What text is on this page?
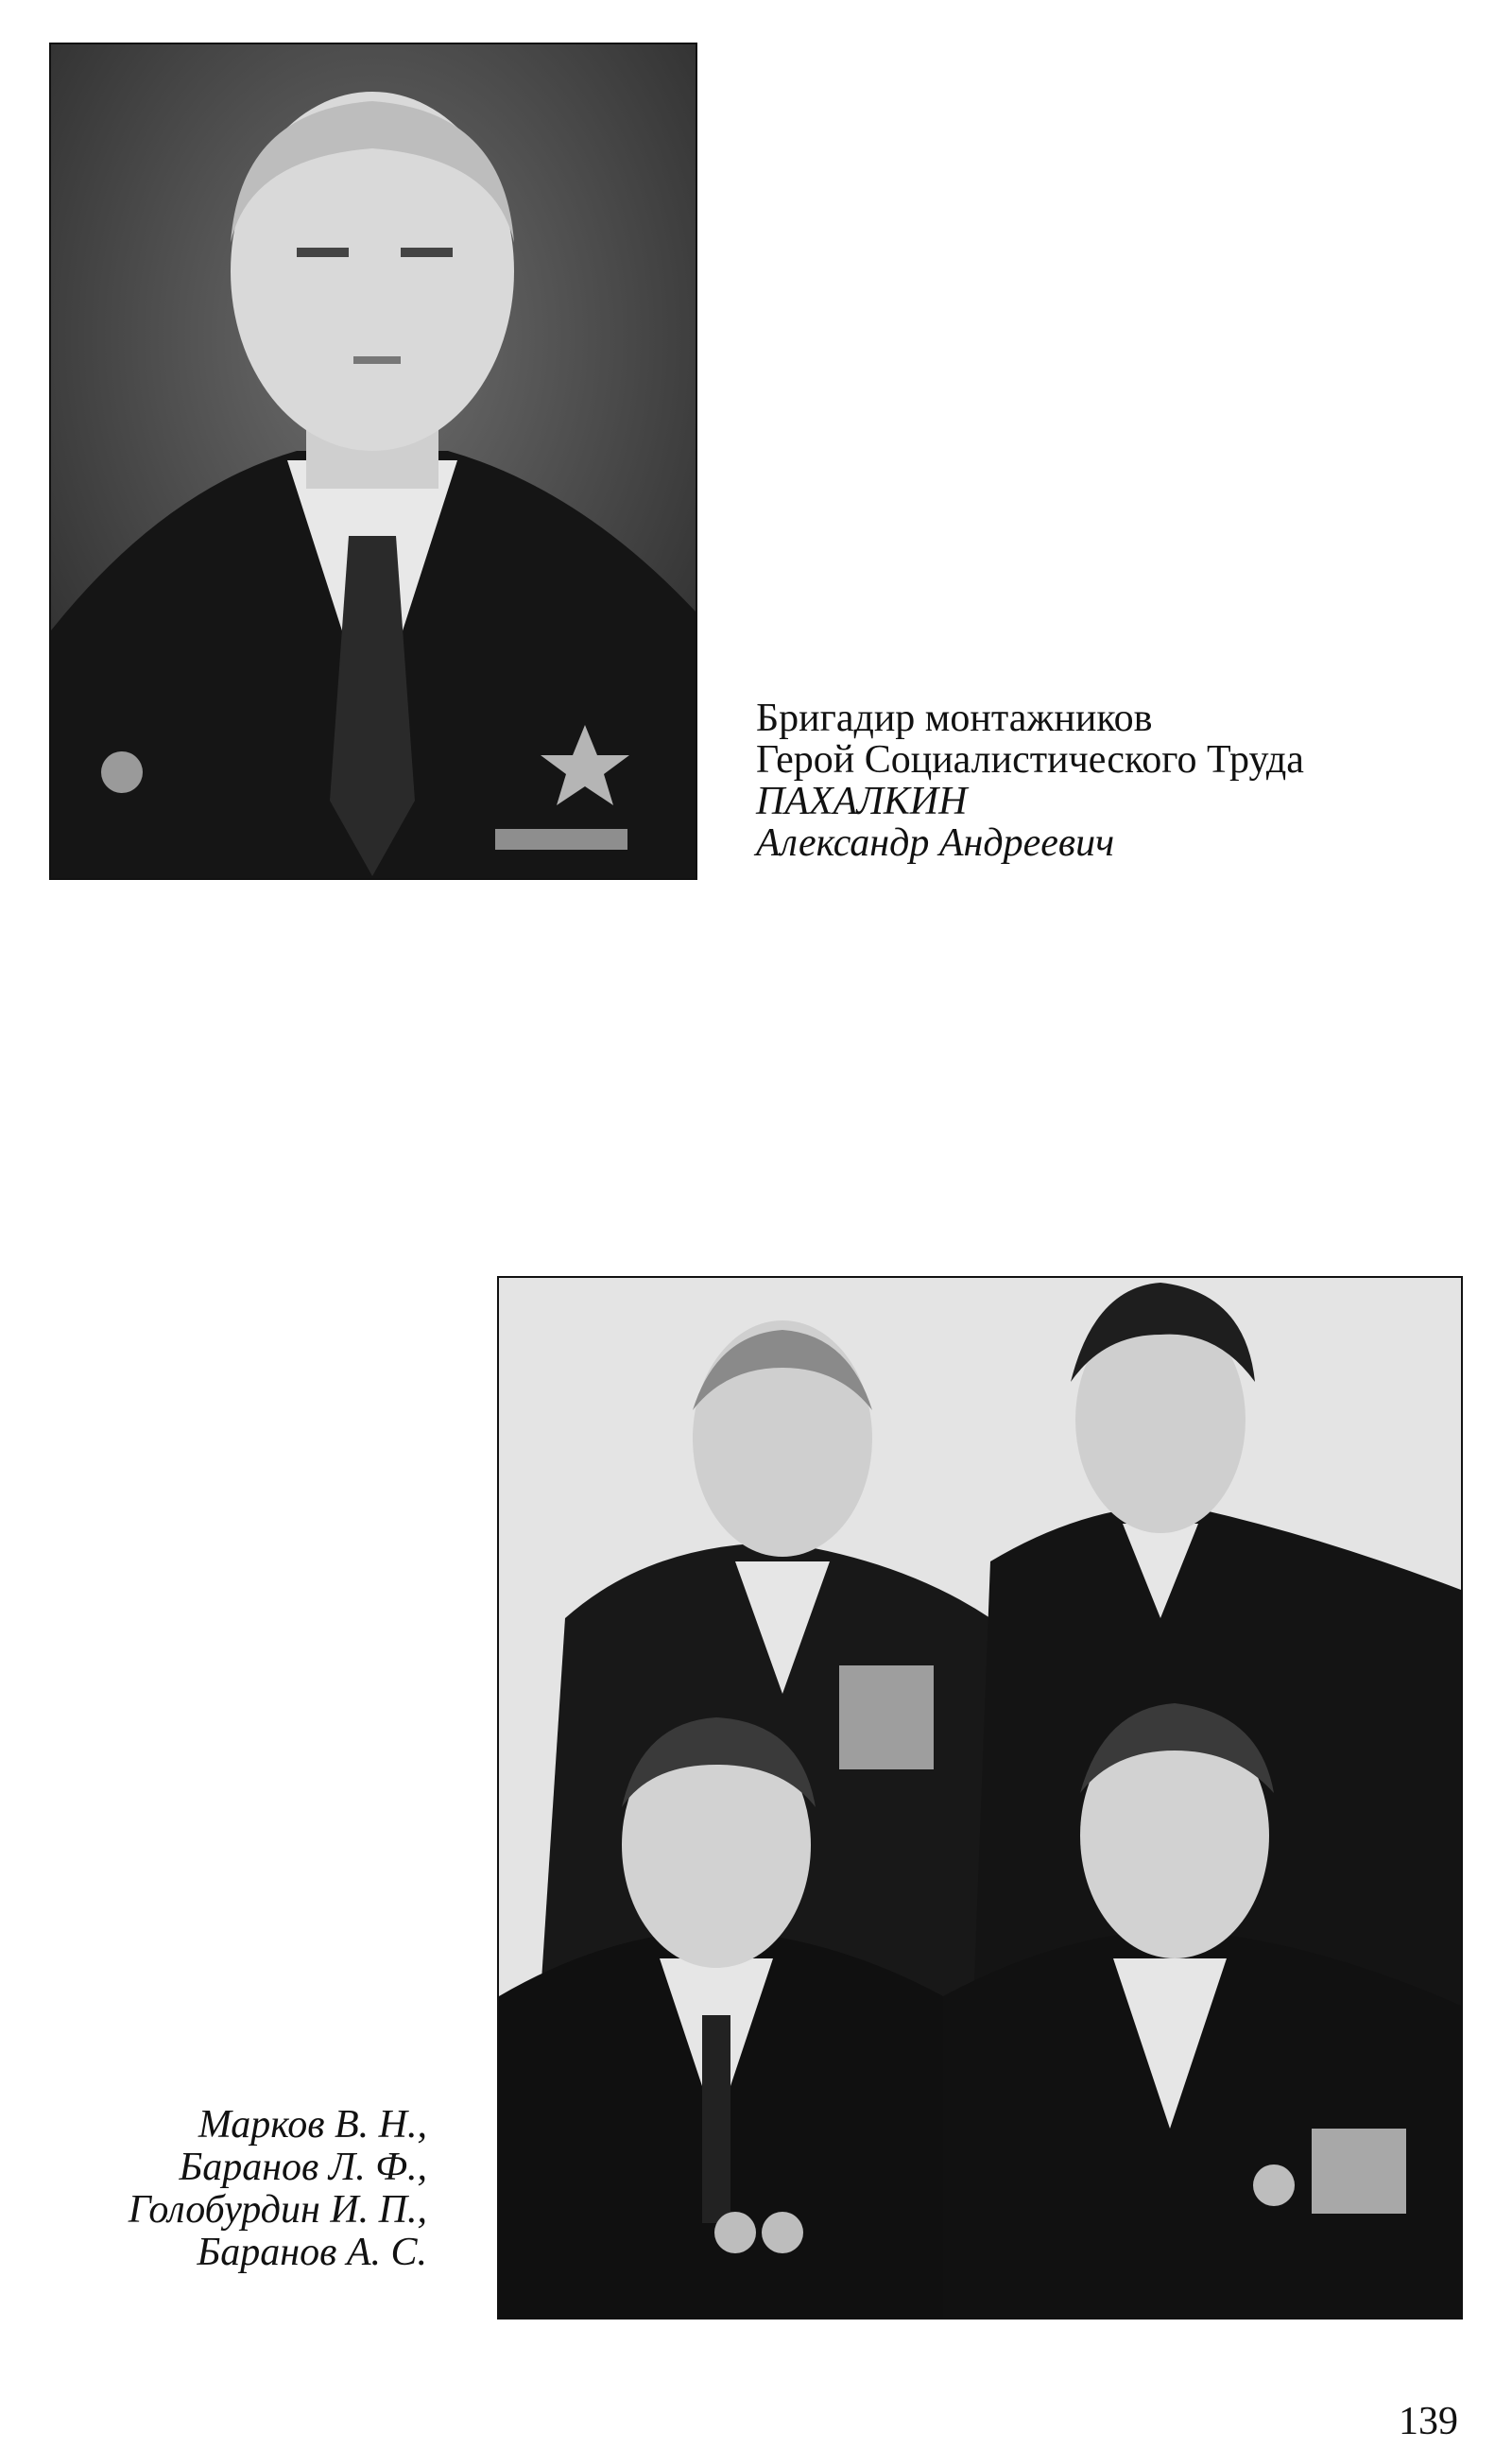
Бригадир монтажников
Герой Социалистического Труда
ПАХАЛКИН
Александр Андреевич
Марков В. Н.,
Баранов Л. Ф.,
Голобурдин И. П.,
Баранов А. С.
139
